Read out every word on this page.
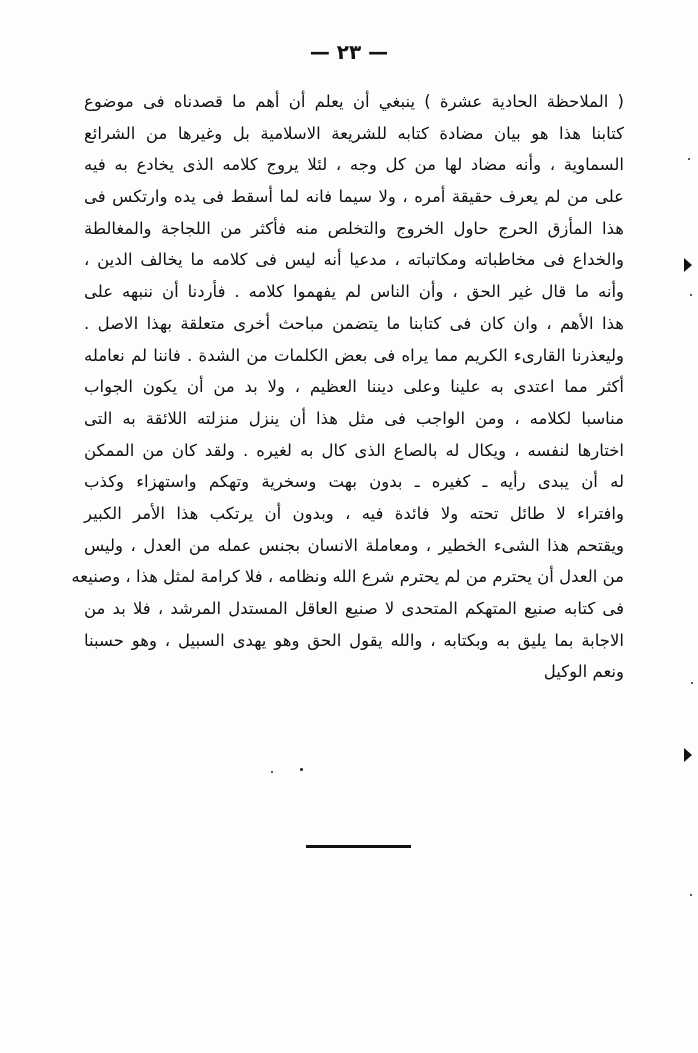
— ٢٣ —
( الملاحظة الحادية عشرة ) ينبغي أن يعلم أن أهم ما قصدناه فى موضوع
كتابنا هذا هو بيان مضادة كتابه للشريعة الاسلامية بل وغيرها من الشرائع
السماوية ، وأنه مضاد لها من كل وجه ، لئلا يروج كلامه الذى يخادع به فيه
على من لم يعرف حقيقة أمره ، ولا سيما فانه لما أسقط فى يده وارتكس فى
هذا المأزق الحرج حاول الخروج والتخلص منه فأكثر من اللجاجة والمغالطة
والخداع فى مخاطباته ومكاتباته ، مدعيا أنه ليس فى كلامه ما يخالف الدين ،
وأنه ما قال غير الحق ، وأن الناس لم يفهموا كلامه . فأردنا أن ننبهه على
هذا الأهم ، وان كان فى كتابنا ما يتضمن مباحث أخرى متعلقة بهذا الاصل .
وليعذرنا القارىء الكريم مما يراه فى بعض الكلمات من الشدة . فاننا لم نعامله
أكثر مما اعتدى به علينا وعلى ديننا العظيم ، ولا بد من أن يكون الجواب
مناسبا لكلامه ، ومن الواجب فى مثل هذا أن ينزل منزلته اللائقة به التى
اختارها لنفسه ، ويكال له بالصاع الذى كال به لغيره . ولقد كان من الممكن
له أن يبدى رأيه ـ كغيره ـ بدون بهت وسخرية وتهكم واستهزاء وكذب
وافتراء لا طائل تحته ولا فائدة فيه ، وبدون أن يرتكب هذا الأمر الكبير
ويقتحم هذا الشىء الخطير ، ومعاملة الانسان بجنس عمله من العدل ، وليس
من العدل أن يحترم من لم يحترم شرع الله ونظامه ، فلا كرامة لمثل هذا ، وصنيعه
فى كتابه صنيع المتهكم المتحدى لا صنيع العاقل المستدل المرشد ، فلا بد من
الاجابة بما يليق به وبكتابه ، والله يقول الحق وهو يهدى السبيل ، وهو حسبنا
ونعم الوكيل
